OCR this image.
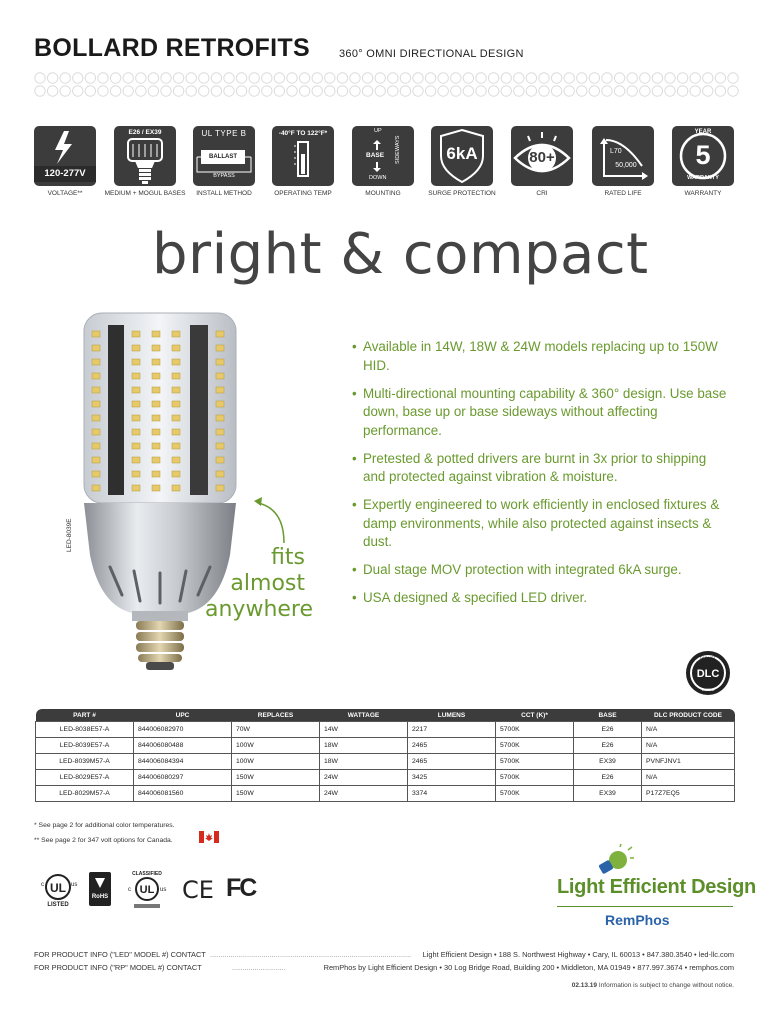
BOLLARD RETROFITS	360° OMNI DIRECTIONAL DESIGN
120-277V
VOLTAGE**
E26 / EX39
MEDIUM + MOGUL BASES
UL TYPE B
BALLAST
BYPASS
INSTALL METHOD
-40°F TO 122°F*
OPERATING TEMP
UP
BASE
DOWN
SIDEWAYS
MOUNTING
6kA
SURGE PROTECTION
80+
CRI
L70
50,000
RATED LIFE
5
YEAR
WARRANTY
WARRANTY
bright & compact
LED-8039E
fits
almost
anywhere
• Available in 14W, 18W & 24W models replacing up to 150W HID.
• Multi-directional mounting capability & 360° design. Use base down, base up or base sideways without affecting performance.
• Pretested & potted drivers are burnt in 3x prior to shipping and protected against vibration & moisture.
• Expertly engineered to work efficiently in enclosed fixtures & damp environments, while also protected against insects & dust.
• Dual stage MOV protection with integrated 6kA surge.
• USA designed & specified LED driver.
DLC
DLC LIST
LISTED
PART #	UPC	REPLACES	WATTAGE	LUMENS	CCT (K)*	BASE	DLC PRODUCT CODE
LED-8038E57-A	844006082970	70W	14W	2217	5700K	E26	N/A
LED-8039E57-A	844006080488	100W	18W	2465	5700K	E26	N/A
LED-8039M57-A	844006084394	100W	18W	2465	5700K	EX39	PVNFJNV1
LED-8029E57-A	844006080297	150W	24W	3425	5700K	E26	N/A
LED-8029M57-A	844006081560	150W	24W	3374	5700K	EX39	P17Z7EQ5
* See page 2 for additional color temperatures.
** See page 2 for 347 volt options for Canada.
UL
c	us
LISTED
RoHS
CLASSIFIED
UL
c	us CE FC	Light Efficient Design
RemPhos
FOR PRODUCT INFO ("LED" MODEL #) CONTACT .................................................................................................. Light Efficient Design • 188 S. Northwest Highway • Cary, IL 60013 • 847.380.3540 • led-llc.com
FOR PRODUCT INFO ("RP" MODEL #) CONTACT	..........................	RemPhos by Light Efficient Design • 30 Log Bridge Road, Building 200 • Middleton, MA 01949 • 877.997.3674 • remphos.com
02.13.19 Information is subject to change without notice.
